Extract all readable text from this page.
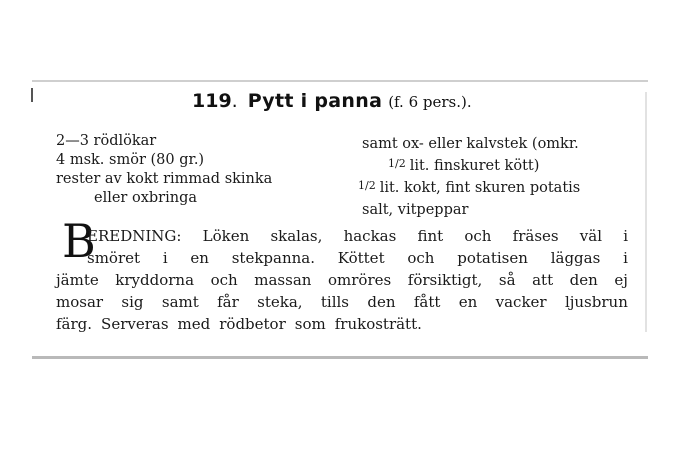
119. Pytt i panna (f. 6 pers.).
2—3 rödlökar
4 msk. smör (80 gr.)
rester av kokt rimmad skinka
eller oxbringa
samt ox- eller kalvstek (omkr.
$^{1/2}$ lit. finskuret kött)
$^{1/2}$ lit. kokt, fint skuren potatis
salt, vitpeppar
B
EREDNING: Löken skalas, hackas fint och fräses väl i
smöret i en stekpanna. Köttet och potatisen läggas i
jämte kryddorna och massan omröres försiktigt, så att den ej
mosar sig samt får steka, tills den fått en vacker ljusbrun
färg. Serveras med rödbetor som frukosträtt.
